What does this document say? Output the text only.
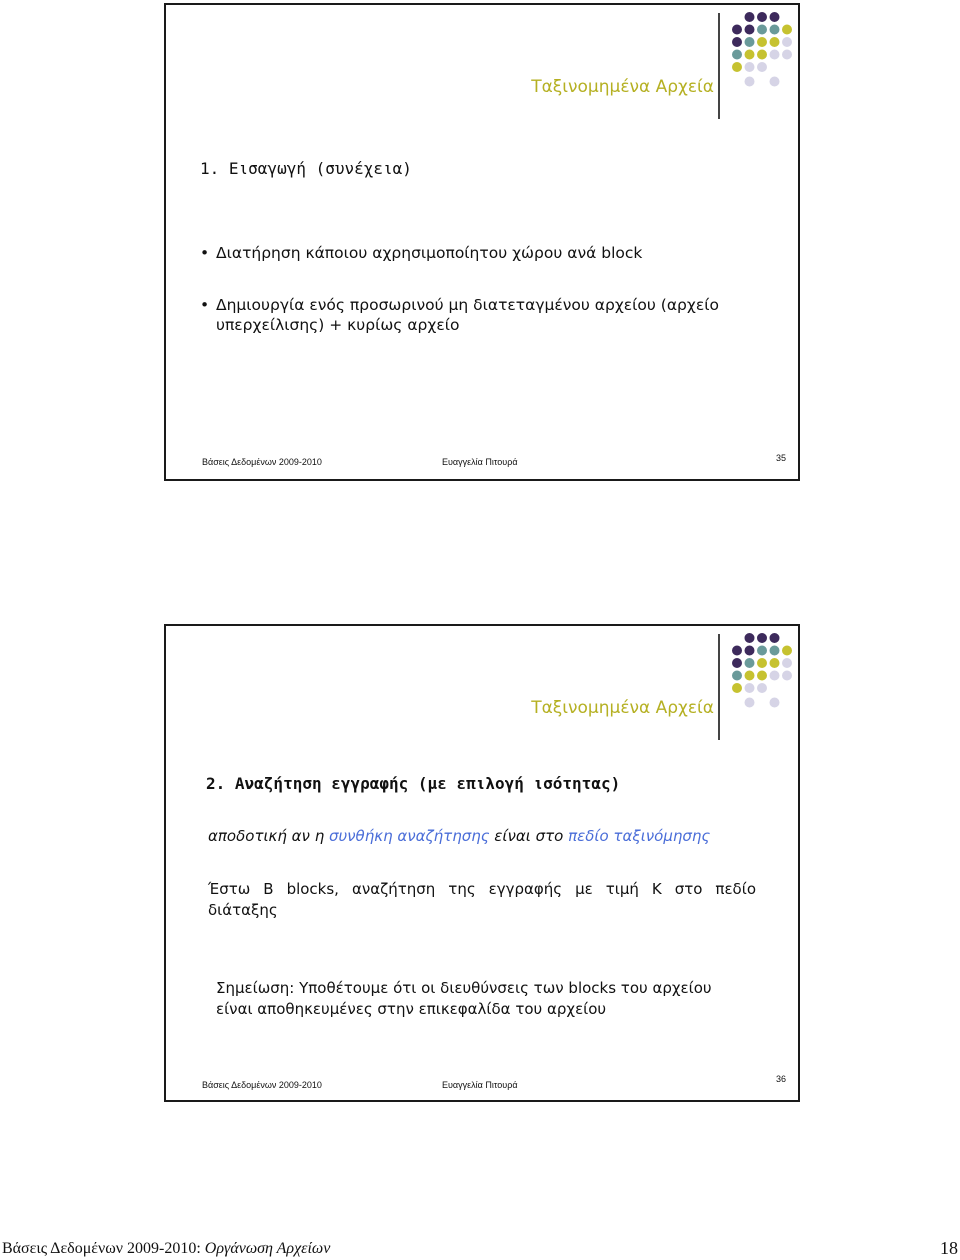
Ταξινομημένα Αρχεία
1. Εισαγωγή (συνέχεια)
• Διατήρηση κάποιου αχρησιμοποίητου χώρου ανά block
• Δημιουργία ενός προσωρινού μη διατεταγμένου αρχείου (αρχείο υπερχείλισης) + κυρίως αρχείο
Βάσεις Δεδομένων 2009-2010	Ευαγγελία Πιτουρά	35
Ταξινομημένα Αρχεία
2. Αναζήτηση εγγραφής (με επιλογή ισότητας)
αποδοτική αν η συνθήκη αναζήτησης είναι στο πεδίο ταξινόμησης
Έστω B blocks, αναζήτηση της εγγραφής με τιμή K στο πεδίο
διάταξης
Σημείωση: Υποθέτουμε ότι οι διευθύνσεις των blocks του αρχείου
είναι αποθηκευμένες στην επικεφαλίδα του αρχείου
Βάσεις Δεδομένων 2009-2010	Ευαγγελία Πιτουρά
36
Βάσεις Δεδομένων 2009-2010: Οργάνωση Αρχείων	18
